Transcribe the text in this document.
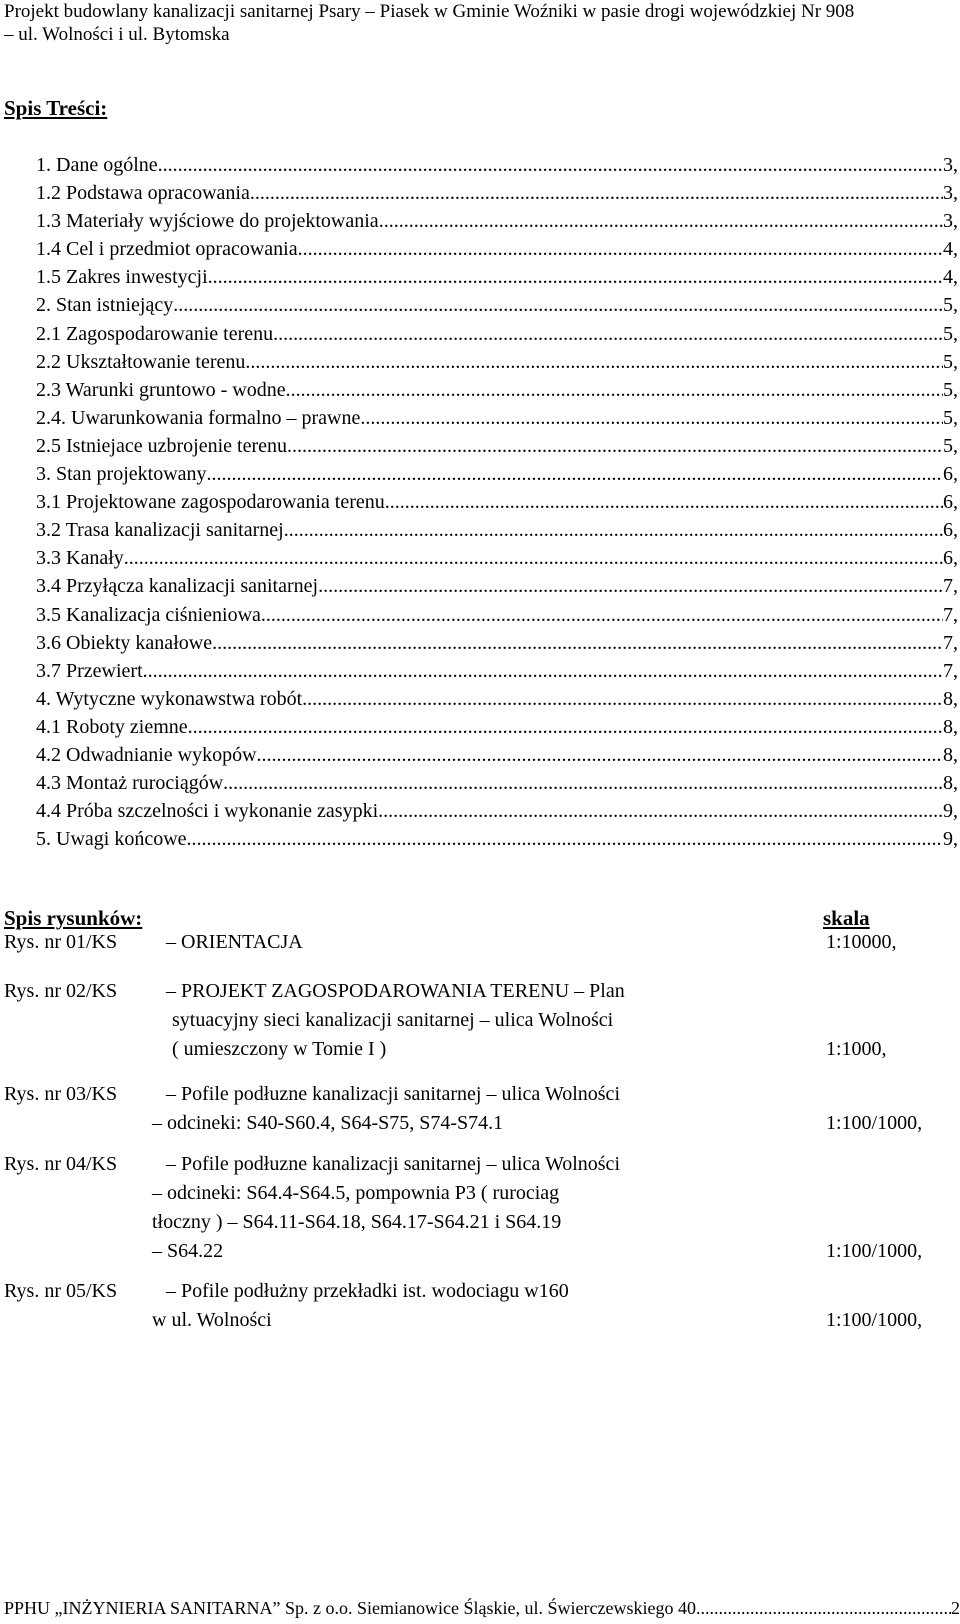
Projekt budowlany kanalizacji sanitarnej Psary – Piasek w Gminie Woźniki w pasie drogi wojewódzkiej Nr 908
– ul. Wolności i ul. Bytomska
Spis Treści:
1. Dane ogólne .....	3,
1.2 Podstawa opracowania .....	3,
1.3 Materiały wyjściowe do projektowania .....	3,
1.4 Cel i przedmiot opracowania .....	4,
1.5 Zakres inwestycji .....	4,
2. Stan istniejący .....	5,
2.1 Zagospodarowanie terenu .....	5,
2.2 Ukształtowanie terenu .....	5,
2.3 Warunki gruntowo - wodne .....	5,
2.4. Uwarunkowania formalno – prawne .....	5,
2.5 Istniejace uzbrojenie terenu .....	5,
3. Stan projektowany .....	6,
3.1 Projektowane zagospodarowania terenu .....	6,
3.2 Trasa kanalizacji sanitarnej .....	6,
3.3 Kanały .....	6,
3.4 Przyłącza kanalizacji sanitarnej .....	7,
3.5 Kanalizacja ciśnieniowa .....	7,
3.6 Obiekty kanałowe .....	7,
3.7 Przewiert .....	7,
4. Wytyczne wykonawstwa robót .....	8,
4.1 Roboty ziemne .....	8,
4.2 Odwadnianie wykopów .....	8,
4.3 Montaż rurociągów .....	8,
4.4 Próba szczelności i wykonanie zasypki .....	9,
5. Uwagi końcowe .....	9,
Spis rysunków:	skala
Rys. nr 01/KS – ORIENTACJA	1:10000,
Rys. nr 02/KS – PROJEKT ZAGOSPODAROWANIA TERENU – Plan
sytuacyjny sieci kanalizacji sanitarnej – ulica Wolności
( umieszczony w Tomie I )	1:1000,
Rys. nr 03/KS – Pofile podłuzne kanalizacji sanitarnej – ulica Wolności
– odcineki: S40-S60.4, S64-S75, S74-S74.1	1:100/1000,
Rys. nr 04/KS – Pofile podłuzne kanalizacji sanitarnej – ulica Wolności
– odcineki: S64.4-S64.5, pompownia P3 ( rurociag
tłoczny ) – S64.11-S64.18, S64.17-S64.21 i S64.19
– S64.22	1:100/1000,
Rys. nr 05/KS – Pofile podłużny przekładki ist. wodociagu w160
w ul. Wolności	1:100/1000,
PPHU „INŻYNIERIA SANITARNA” Sp. z o.o. Siemianowice Śląskie, ul. Świerczewskiego 40 .....	2
